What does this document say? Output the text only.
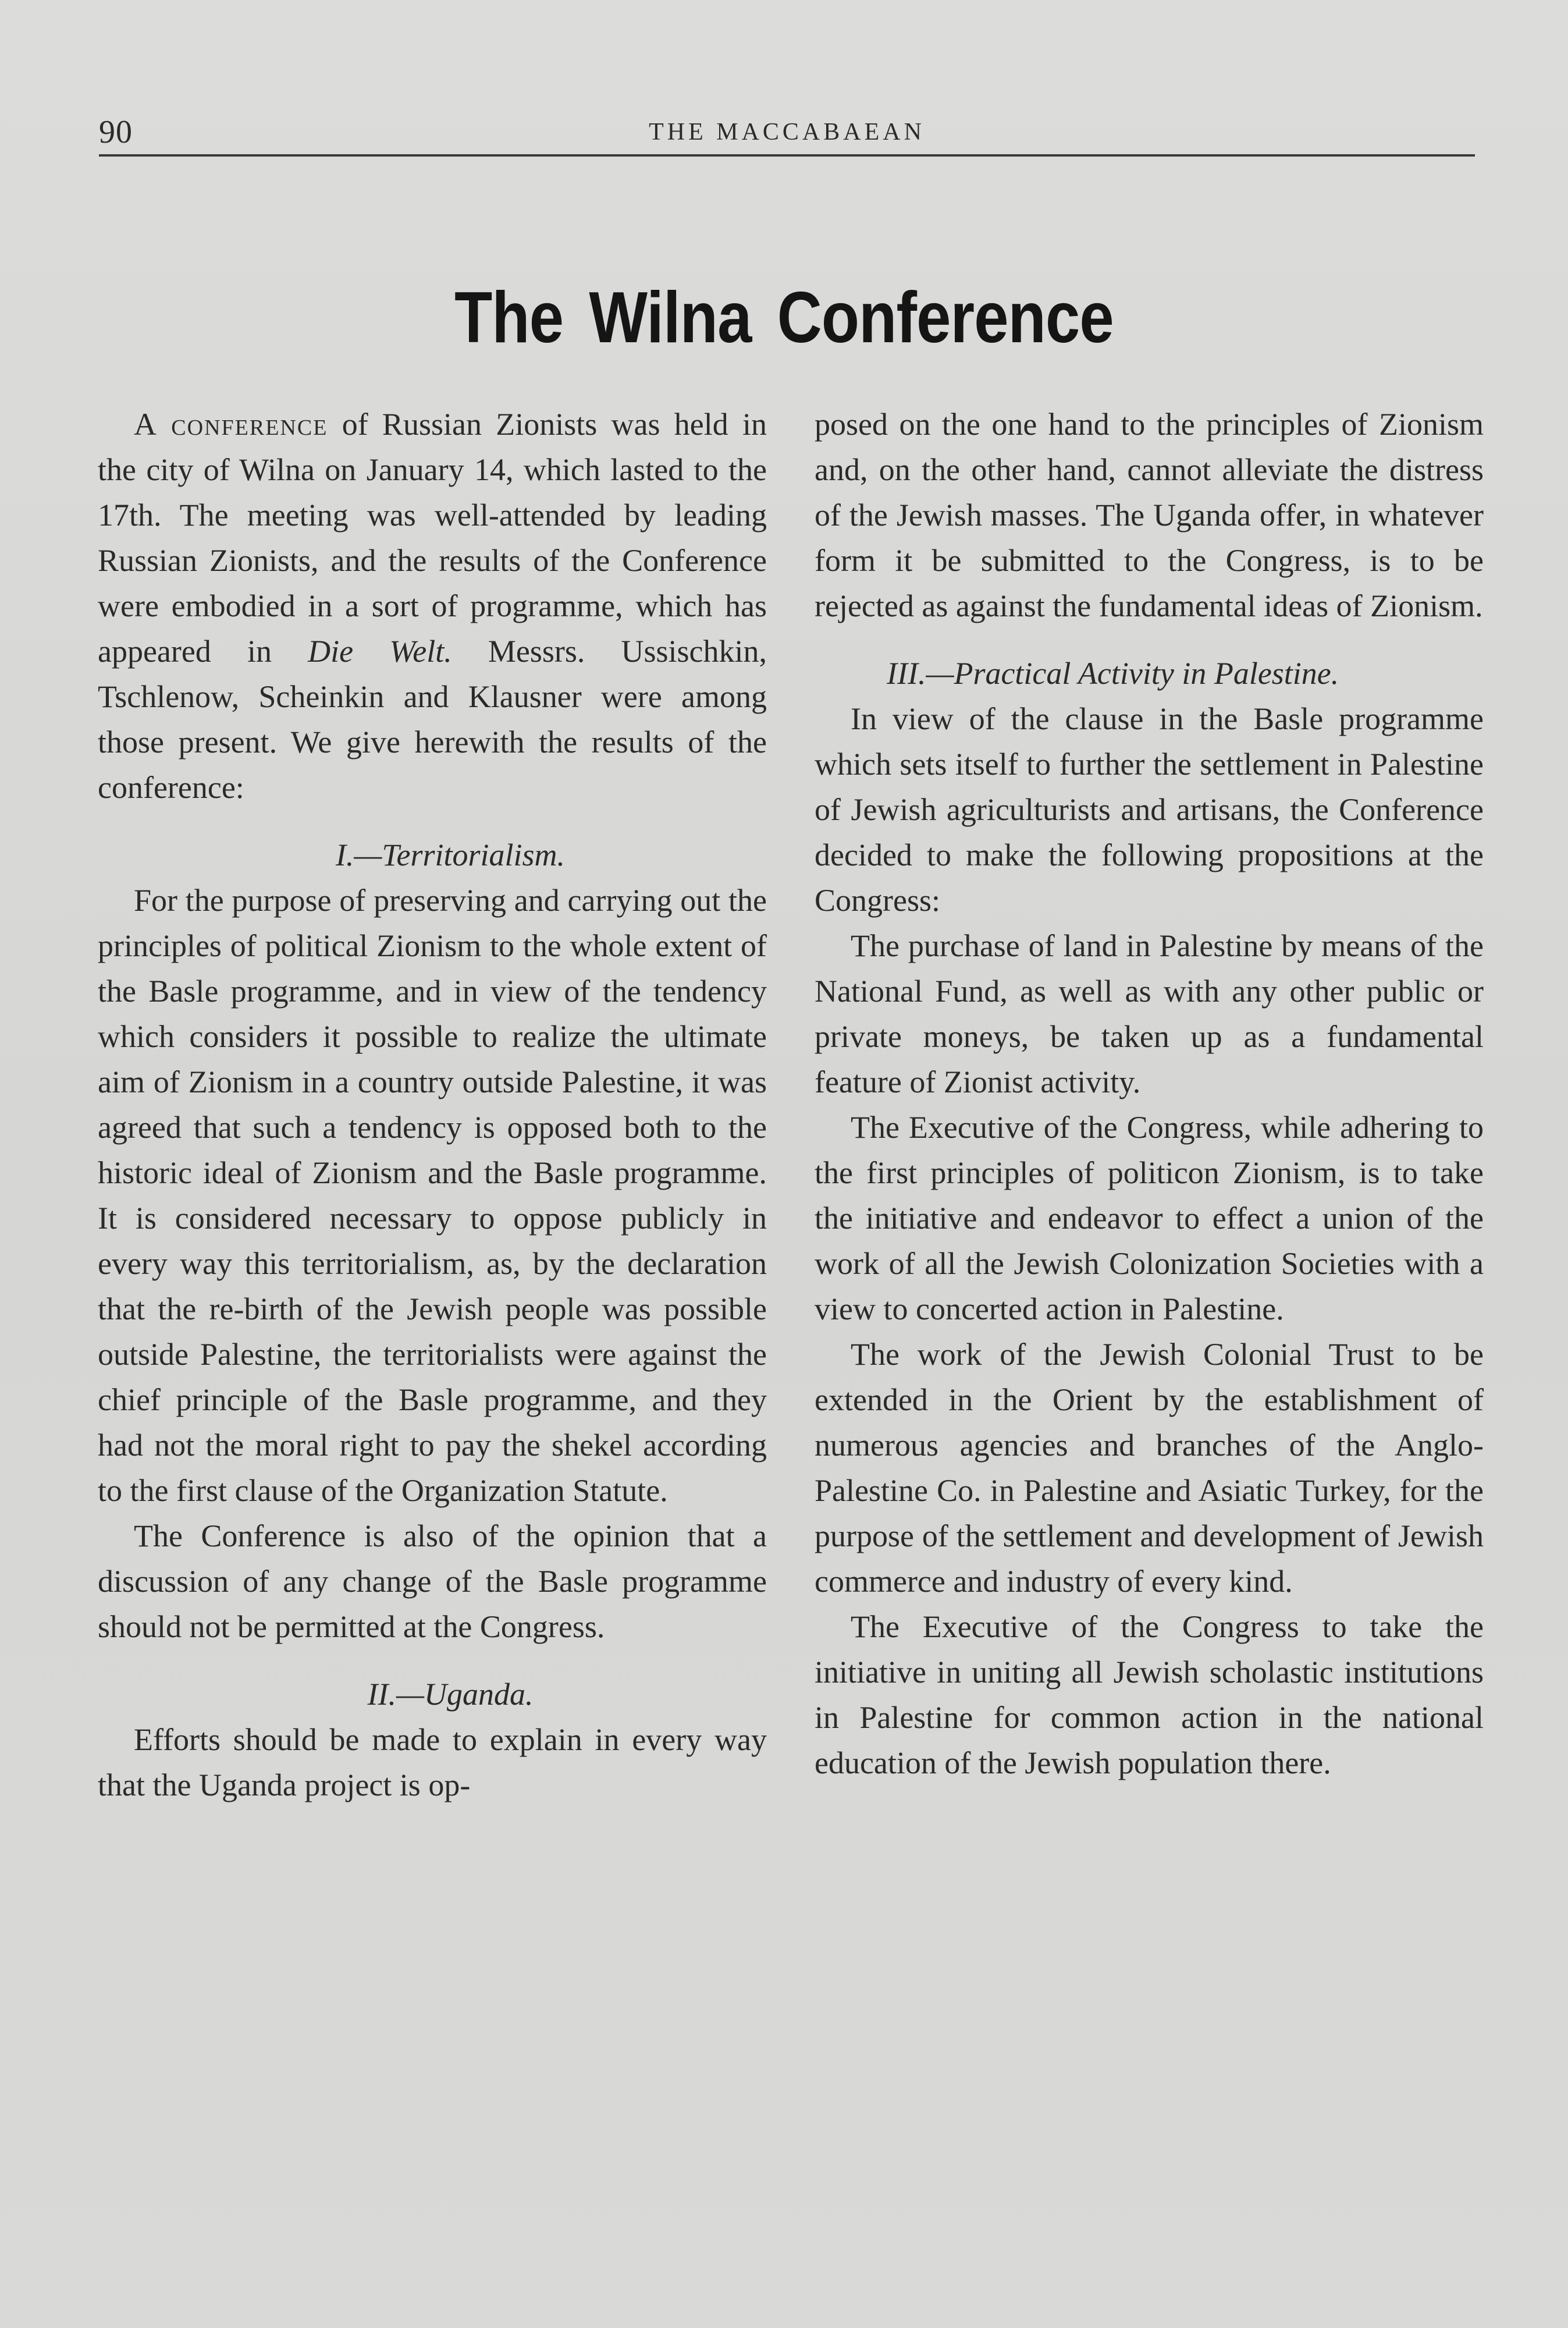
90	THE MACCABAEAN
The Wilna Conference

A conference of Russian Zionists was held in the city of Wilna on January 14, which lasted to the 17th. The meeting was well-attended by leading Russian Zionists, and the results of the Conference were embodied in a sort of programme, which has appeared in Die Welt. Messrs. Ussischkin, Tschlenow, Scheinkin and Klausner were among those present. We give herewith the results of the conference:

I.—Territorialism.

For the purpose of preserving and carrying out the principles of political Zionism to the whole extent of the Basle programme, and in view of the tendency which considers it possible to realize the ultimate aim of Zionism in a country outside Palestine, it was agreed that such a tendency is opposed both to the historic ideal of Zionism and the Basle programme. It is considered necessary to oppose publicly in every way this territorialism, as, by the declaration that the re-birth of the Jewish people was possible outside Palestine, the territorialists were against the chief principle of the Basle programme, and they had not the moral right to pay the shekel according to the first clause of the Organization Statute.

The Conference is also of the opinion that a discussion of any change of the Basle programme should not be permitted at the Congress.

II.—Uganda.

Efforts should be made to explain in every way that the Uganda project is op-

posed on the one hand to the principles of Zionism and, on the other hand, cannot alleviate the distress of the Jewish masses. The Uganda offer, in whatever form it be submitted to the Congress, is to be rejected as against the fundamental ideas of Zionism.

III.—Practical Activity in Palestine.

In view of the clause in the Basle programme which sets itself to further the settlement in Palestine of Jewish agriculturists and artisans, the Conference decided to make the following propositions at the Congress:

The purchase of land in Palestine by means of the National Fund, as well as with any other public or private moneys, be taken up as a fundamental feature of Zionist activity.

The Executive of the Congress, while adhering to the first principles of politicon Zionism, is to take the initiative and endeavor to effect a union of the work of all the Jewish Colonization Societies with a view to concerted action in Palestine.

The work of the Jewish Colonial Trust to be extended in the Orient by the establishment of numerous agencies and branches of the Anglo-Palestine Co. in Palestine and Asiatic Turkey, for the purpose of the settlement and development of Jewish commerce and industry of every kind.

The Executive of the Congress to take the initiative in uniting all Jewish scholastic institutions in Palestine for common action in the national education of the Jewish population there.
